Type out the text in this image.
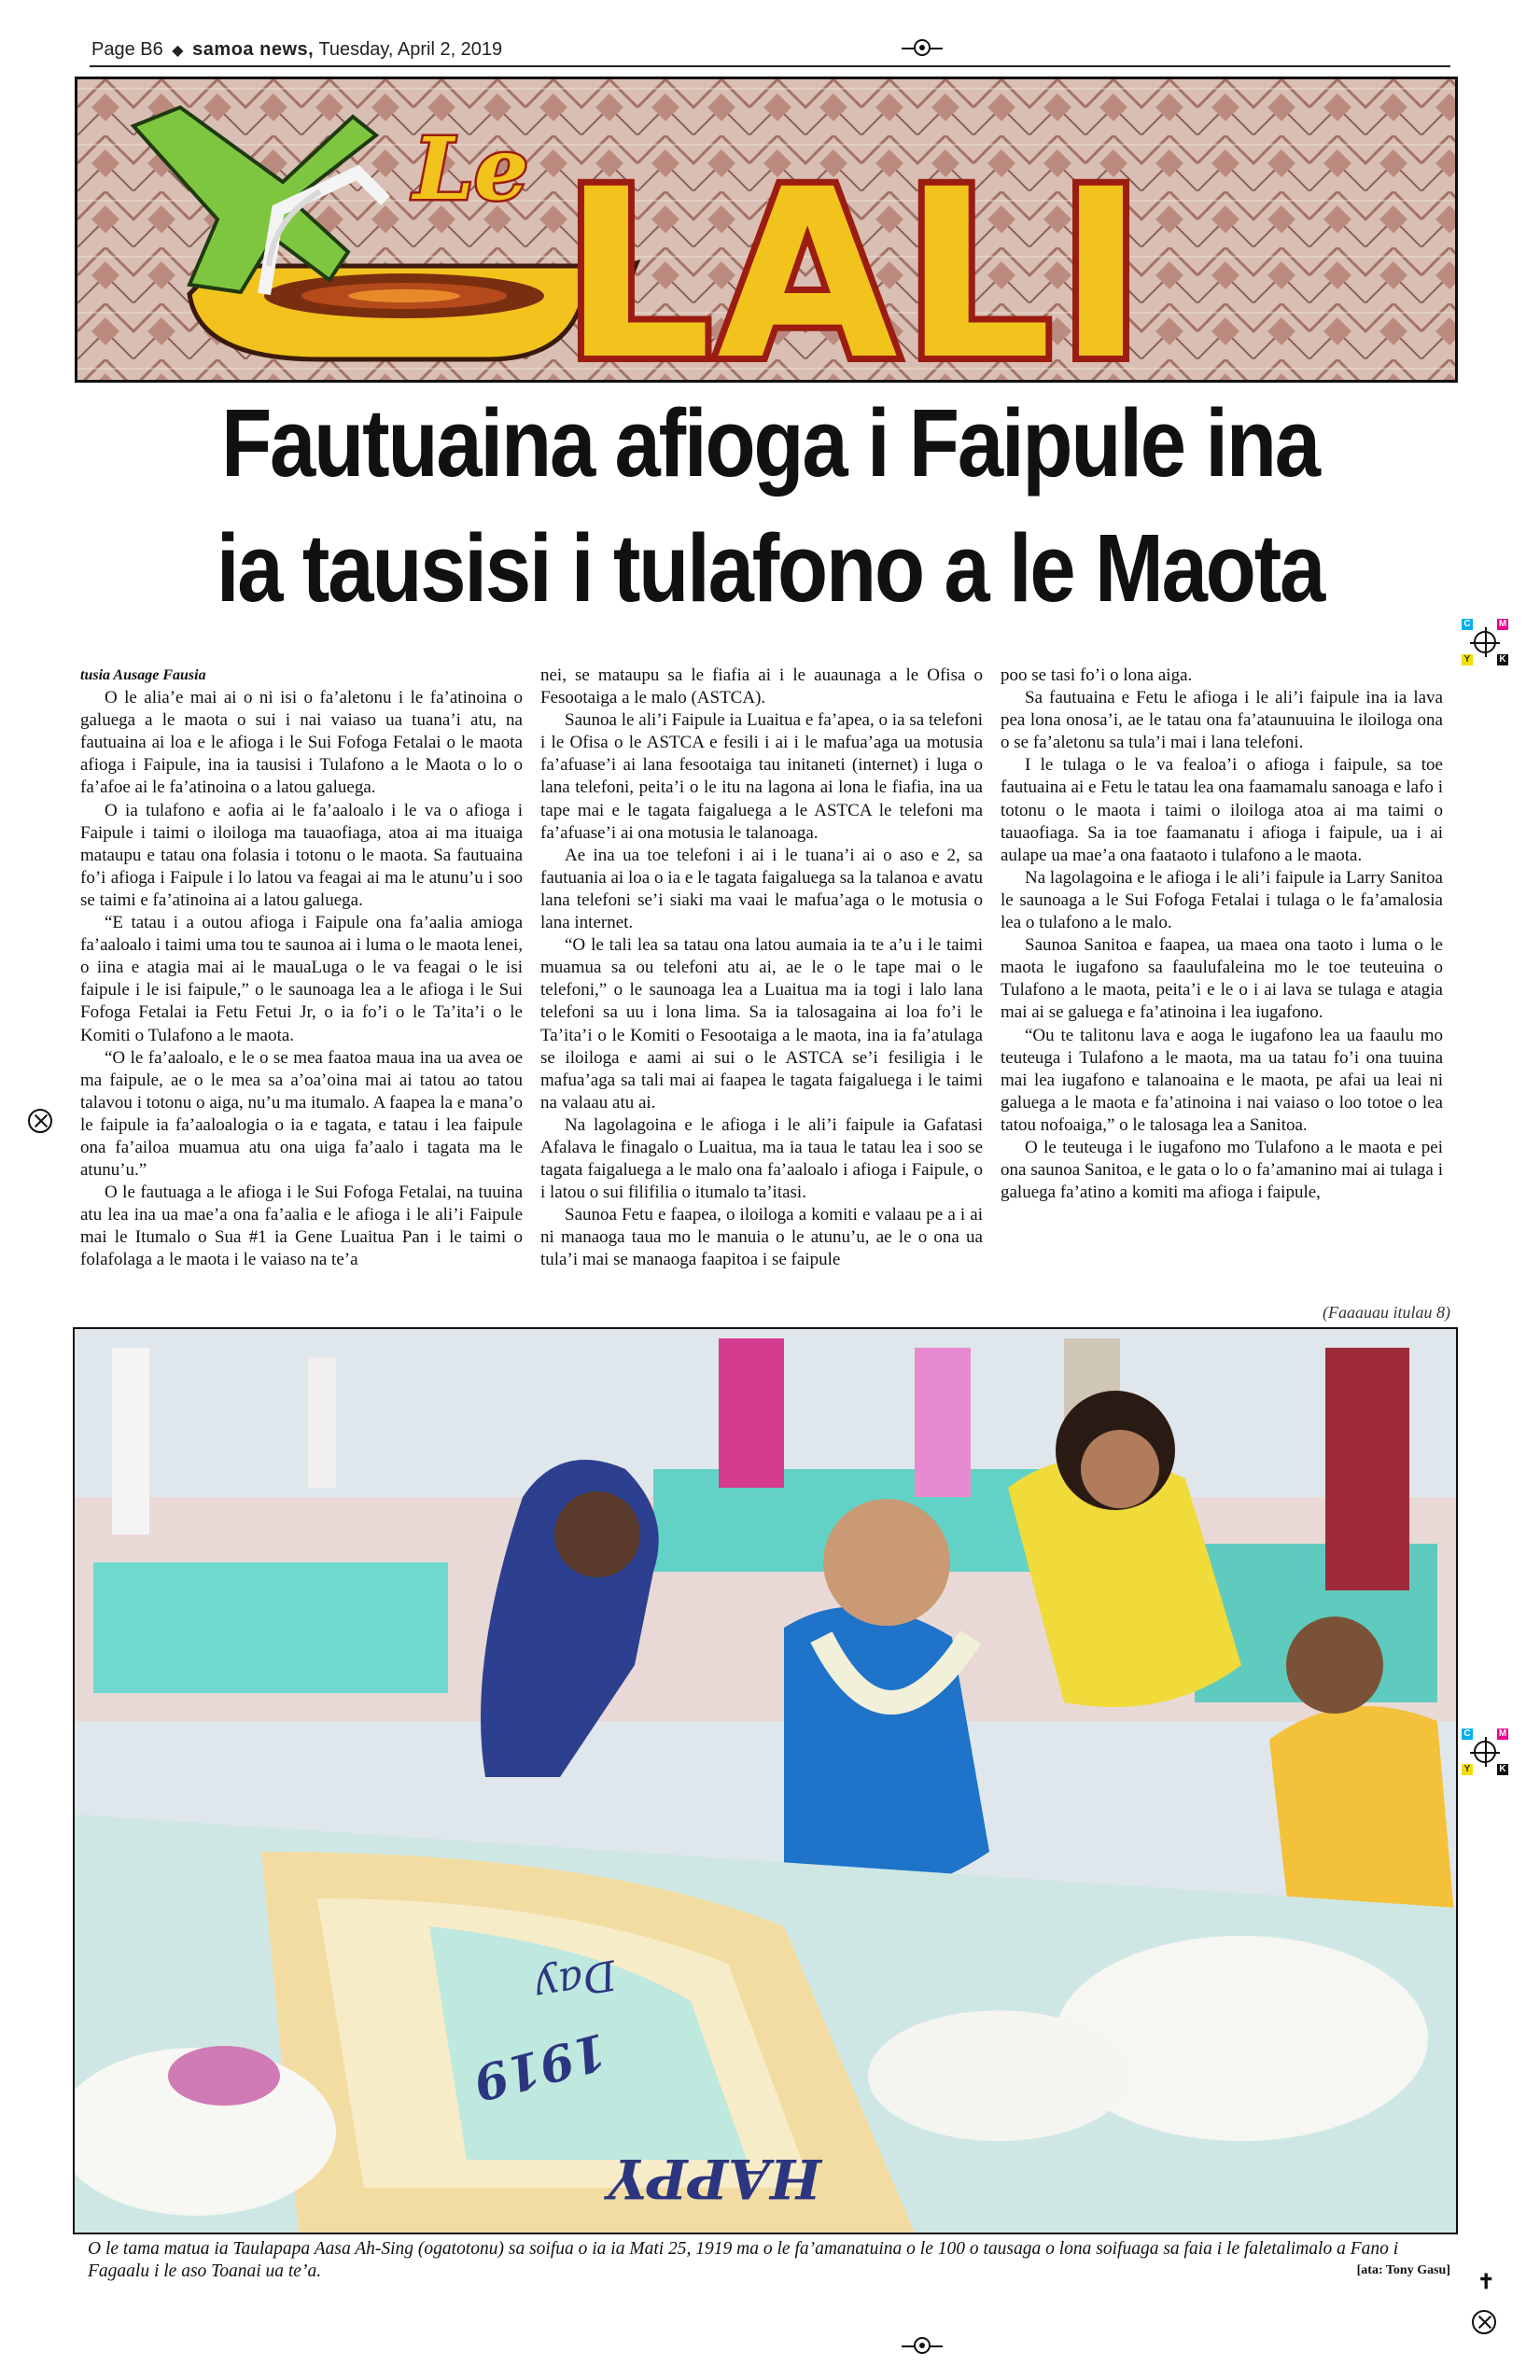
Page B6 ◆ samoa news, Tuesday, April 2, 2019
Le LALI
Fautuaina afioga i Faipule ina
ia tausisi i tulafono a le Maota
C	M
Y	K
C	M
Y	K
✝

tusia Ausage Fausia

O le alia’e mai ai o ni isi o fa’aletonu i le fa’atinoina o galuega a le maota o sui i nai vaiaso ua tuana’i atu, na fautuaina ai loa e le afioga i le Sui Fofoga Fetalai o le maota afioga i Faipule, ina ia tausisi i Tulafono a le Maota o lo o fa’afoe ai le fa’atinoina o a latou galuega.

O ia tulafono e aofia ai le fa’aaloalo i le va o afioga i Faipule i taimi o iloiloga ma tauaofiaga, atoa ai ma ituaiga mataupu e tatau ona folasia i totonu o le maota. Sa fautuaina fo’i afioga i Faipule i lo latou va feagai ai ma le atunu’u i soo se taimi e fa’atinoina ai a latou galuega.

“E tatau i a outou afioga i Faipule ona fa’aalia amioga fa’aaloalo i taimi uma tou te saunoa ai i luma o le maota lenei, o iina e atagia mai ai le mauaLuga o le va feagai o le isi faipule i le isi faipule,” o le saunoaga lea a le afioga i le Sui Fofoga Fetalai ia Fetu Fetui Jr, o ia fo’i o le Ta’ita’i o le Komiti o Tulafono a le maota.

“O le fa’aaloalo, e le o se mea faatoa maua ina ua avea oe ma faipule, ae o le mea sa a’oa’oina mai ai tatou ao tatou talavou i totonu o aiga, nu’u ma itumalo. A faapea la e mana’o le faipule ia fa’aaloalogia o ia e tagata, e tatau i lea faipule ona fa’ailoa muamua atu ona uiga fa’aalo i tagata ma le atunu’u.”

O le fautuaga a le afioga i le Sui Fofoga Fetalai, na tuuina atu lea ina ua mae’a ona fa’aalia e le afioga i le ali’i Faipule mai le Itumalo o Sua #1 ia Gene Luaitua Pan i le taimi o folafolaga a le maota i le vaiaso na te’a

nei, se mataupu sa le fiafia ai i le auaunaga a le Ofisa o Fesootaiga a le malo (ASTCA).

Saunoa le ali’i Faipule ia Luaitua e fa’apea, o ia sa telefoni i le Ofisa o le ASTCA e fesili i ai i le mafua’aga ua motusia fa’afuase’i ai lana fesootaiga tau initaneti (internet) i luga o lana telefoni, peita’i o le itu na lagona ai lona le fiafia, ina ua tape mai e le tagata faigaluega a le ASTCA le telefoni ma fa’afuase’i ai ona motusia le talanoaga.

Ae ina ua toe telefoni i ai i le tuana’i ai o aso e 2, sa fautuania ai loa o ia e le tagata faigaluega sa la talanoa e avatu lana telefoni se’i siaki ma vaai le mafua’aga o le motusia o lana internet.

“O le tali lea sa tatau ona latou aumaia ia te a’u i le taimi muamua sa ou telefoni atu ai, ae le o le tape mai o le telefoni,” o le saunoaga lea a Luaitua ma ia togi i lalo lana telefoni sa uu i lona lima. Sa ia talosagaina ai loa fo’i le Ta’ita’i o le Komiti o Fesootaiga a le maota, ina ia fa’atulaga se iloiloga e aami ai sui o le ASTCA se’i fesiligia i le mafua’aga sa tali mai ai faapea le tagata faigaluega i le taimi na valaau atu ai.

Na lagolagoina e le afioga i le ali’i faipule ia Gafatasi Afalava le finagalo o Luaitua, ma ia taua le tatau lea i soo se tagata faigaluega a le malo ona fa’aaloalo i afioga i Faipule, o i latou o sui filifilia o itumalo ta’itasi.

Saunoa Fetu e faapea, o iloiloga a komiti e valaau pe a i ai ni manaoga taua mo le manuia o le atunu’u, ae le o ona ua tula’i mai se manaoga faapitoa i se faipule

poo se tasi fo’i o lona aiga.

Sa fautuaina e Fetu le afioga i le ali’i faipule ina ia lava pea lona onosa’i, ae le tatau ona fa’ataunuuina le iloiloga ona o se fa’aletonu sa tula’i mai i lana telefoni.

I le tulaga o le va fealoa’i o afioga i faipule, sa toe fautuaina ai e Fetu le tatau lea ona faamamalu sanoaga e lafo i totonu o le maota i taimi o iloiloga atoa ai ma taimi o tauaofiaga. Sa ia toe faamanatu i afioga i faipule, ua i ai aulape ua mae’a ona faataoto i tulafono a le maota.

Na lagolagoina e le afioga i le ali’i faipule ia Larry Sanitoa le saunoaga a le Sui Fofoga Fetalai i tulaga o le fa’amalosia lea o tulafono a le malo.

Saunoa Sanitoa e faapea, ua maea ona taoto i luma o le maota le iugafono sa faaulufaleina mo le toe teuteuina o Tulafono a le maota, peita’i e le o i ai lava se tulaga e atagia mai ai se galuega e fa’atinoina i lea iugafono.

“Ou te talitonu lava e aoga le iugafono lea ua faaulu mo teuteuga i Tulafono a le maota, ma ua tatau fo’i ona tuuina mai lea iugafono e talanoaina e le maota, pe afai ua leai ni galuega a le maota e fa’atinoina i nai vaiaso o loo totoe o lea tatou nofoaiga,” o le talosaga lea a Sanitoa.

O le teuteuga i le iugafono mo Tulafono a le maota e pei ona saunoa Sanitoa, e le gata o lo o fa’amanino mai ai tulaga i galuega fa’atino a komiti ma afioga i faipule,

(Faaauau itulau 8)
Day
1919
HAPPY
O le tama matua ia Taulapapa Aasa Ah-Sing (ogatotonu) sa soifua o ia ia Mati 25, 1919 ma o le fa’amanatuina o le 100 o tausaga o lona soifuaga sa faia i le faletalimalo a Fano i Fagaalu i le aso Toanai ua te’a.	[ata: Tony Gasu]
